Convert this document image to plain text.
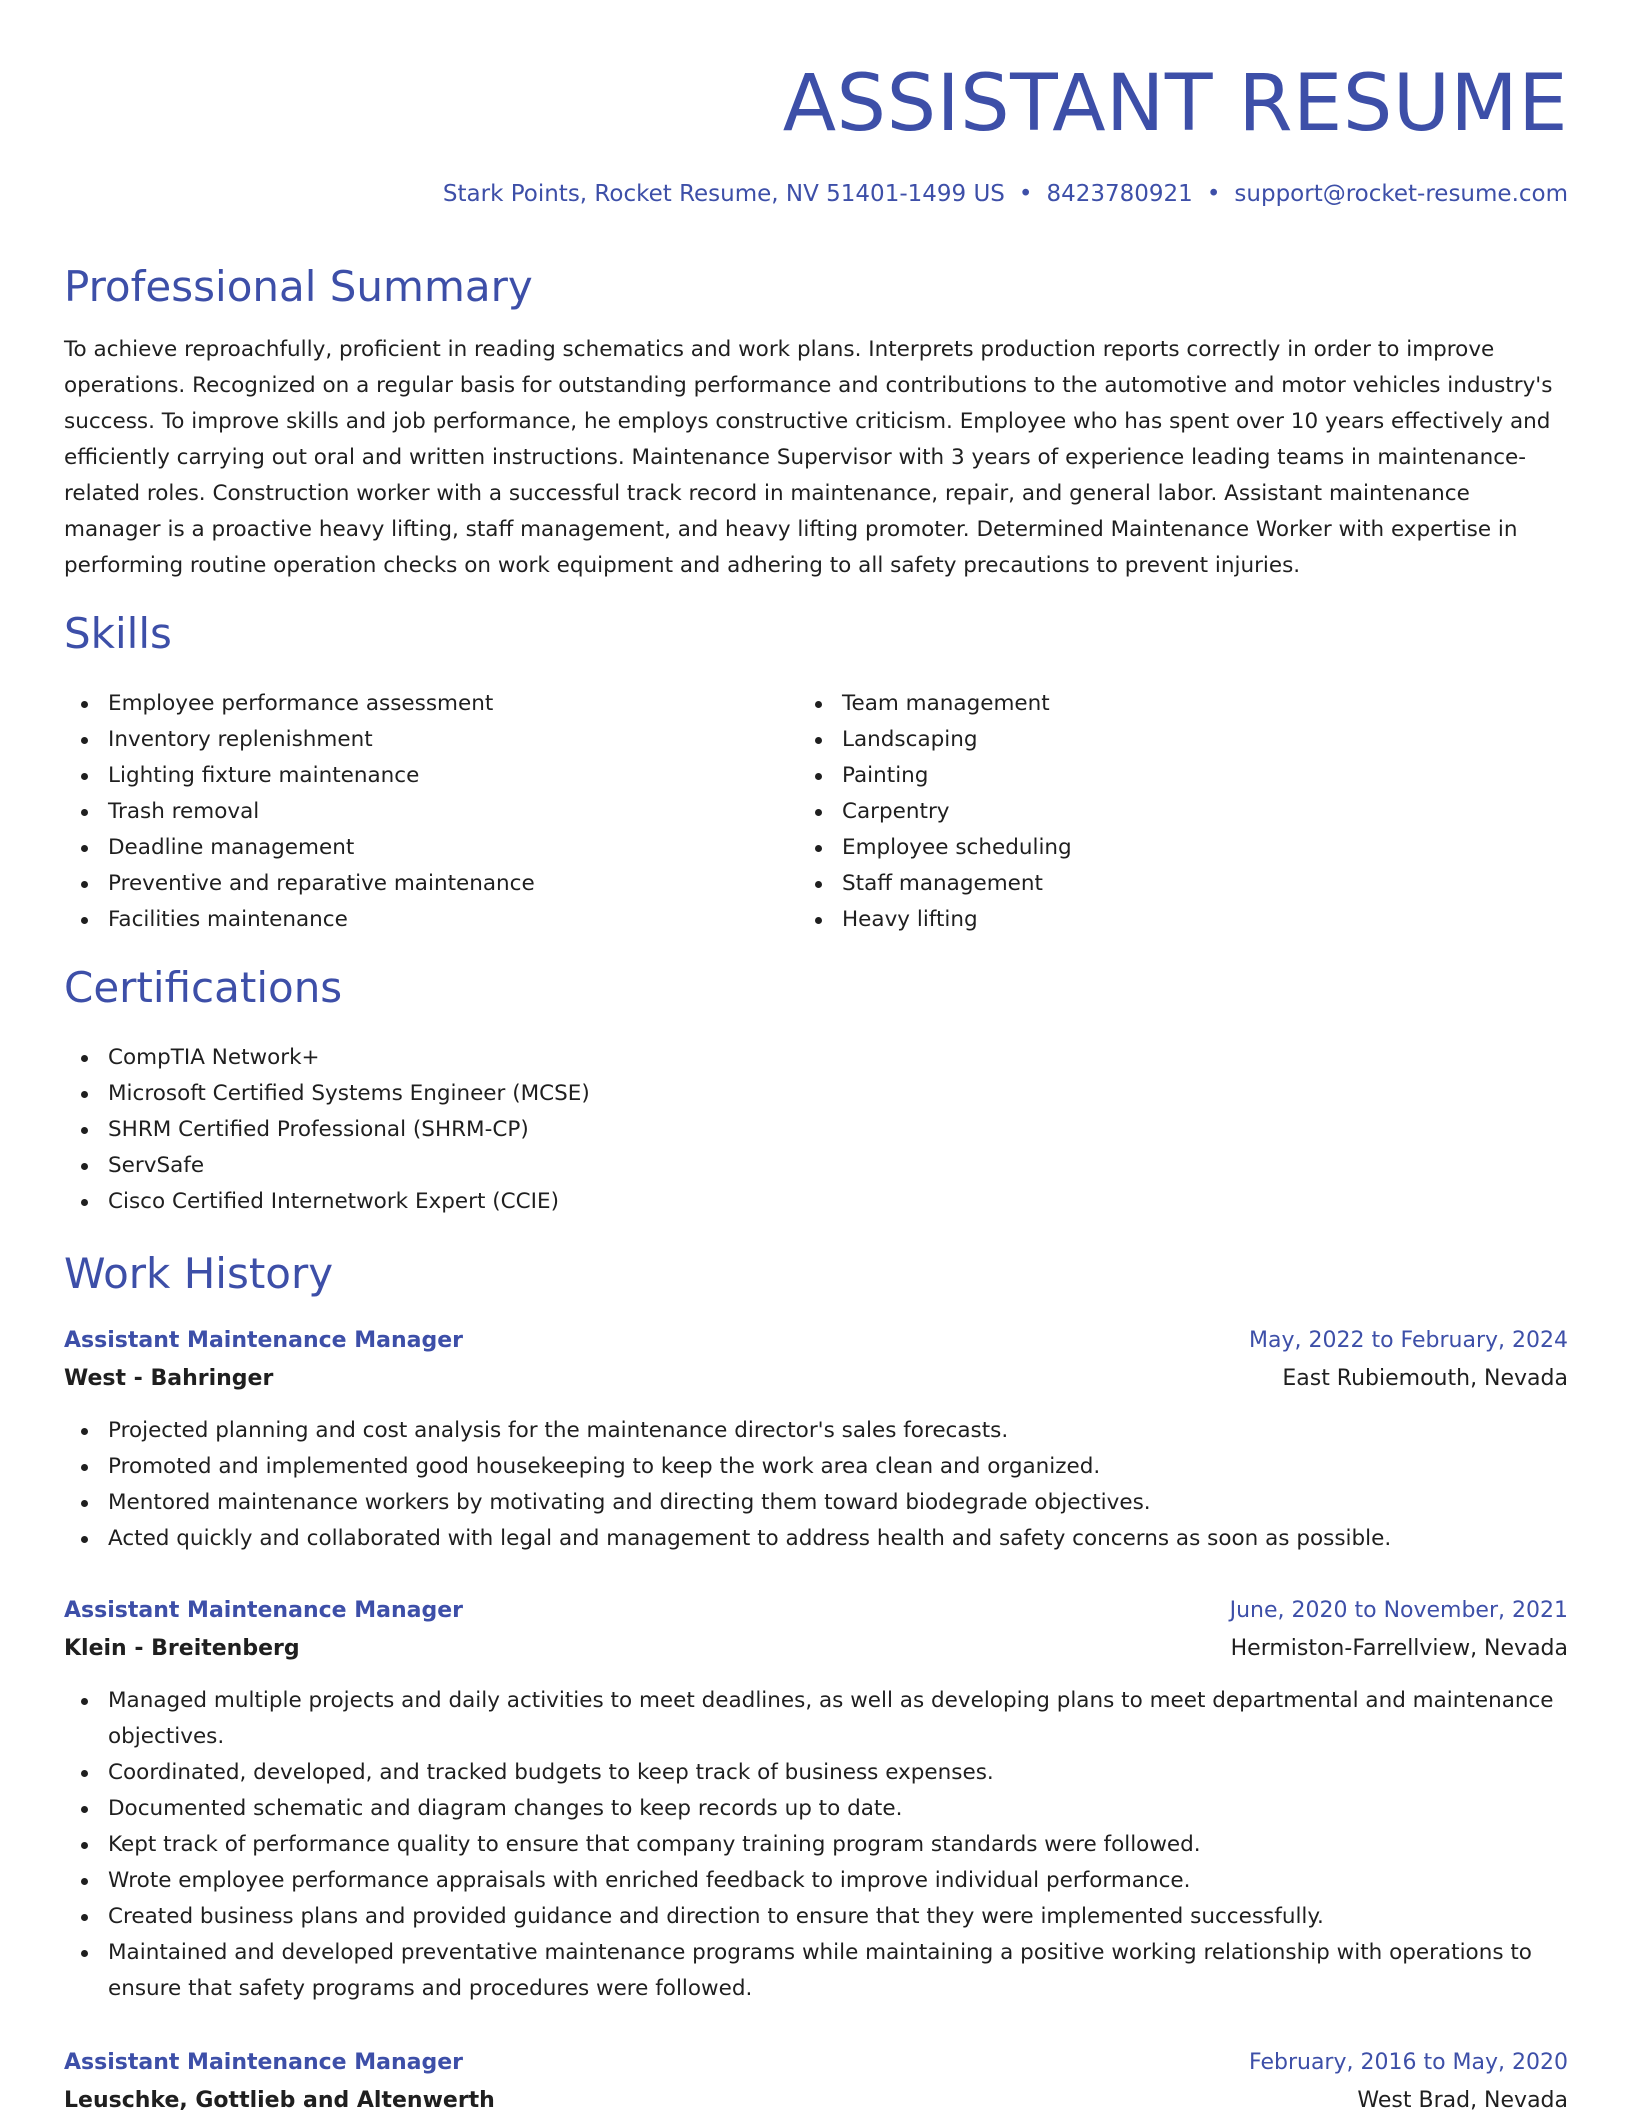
ASSISTANT RESUME
Stark Points, Rocket Resume, NV 51401-1499 US • 8423780921 • support@rocket-resume.com
Professional Summary
To achieve reproachfully, proficient in reading schematics and work plans. Interprets production reports correctly in order to improve operations. Recognized on a regular basis for outstanding performance and contributions to the automotive and motor vehicles industry's success. To improve skills and job performance, he employs constructive criticism. Employee who has spent over 10 years effectively and efficiently carrying out oral and written instructions. Maintenance Supervisor with 3 years of experience leading teams in maintenance-related roles. Construction worker with a successful track record in maintenance, repair, and general labor. Assistant maintenance manager is a proactive heavy lifting, staff management, and heavy lifting promoter. Determined Maintenance Worker with expertise in performing routine operation checks on work equipment and adhering to all safety precautions to prevent injuries.
Skills
Employee performance assessment
Inventory replenishment
Lighting fixture maintenance
Trash removal
Deadline management
Preventive and reparative maintenance
Facilities maintenance
Team management
Landscaping
Painting
Carpentry
Employee scheduling
Staff management
Heavy lifting
Certifications
CompTIA Network+
Microsoft Certified Systems Engineer (MCSE)
SHRM Certified Professional (SHRM-CP)
ServSafe
Cisco Certified Internetwork Expert (CCIE)
Work History
Assistant Maintenance Manager	May, 2022 to February, 2024
West - Bahringer	East Rubiemouth, Nevada
Projected planning and cost analysis for the maintenance director's sales forecasts.
Promoted and implemented good housekeeping to keep the work area clean and organized.
Mentored maintenance workers by motivating and directing them toward biodegrade objectives.
Acted quickly and collaborated with legal and management to address health and safety concerns as soon as possible.
Assistant Maintenance Manager	June, 2020 to November, 2021
Klein - Breitenberg	Hermiston-Farrellview, Nevada
Managed multiple projects and daily activities to meet deadlines, as well as developing plans to meet departmental and maintenance objectives.
Coordinated, developed, and tracked budgets to keep track of business expenses.
Documented schematic and diagram changes to keep records up to date.
Kept track of performance quality to ensure that company training program standards were followed.
Wrote employee performance appraisals with enriched feedback to improve individual performance.
Created business plans and provided guidance and direction to ensure that they were implemented successfully.
Maintained and developed preventative maintenance programs while maintaining a positive working relationship with operations to ensure that safety programs and procedures were followed.
Assistant Maintenance Manager	February, 2016 to May, 2020
Leuschke, Gottlieb and Altenwerth	West Brad, Nevada
